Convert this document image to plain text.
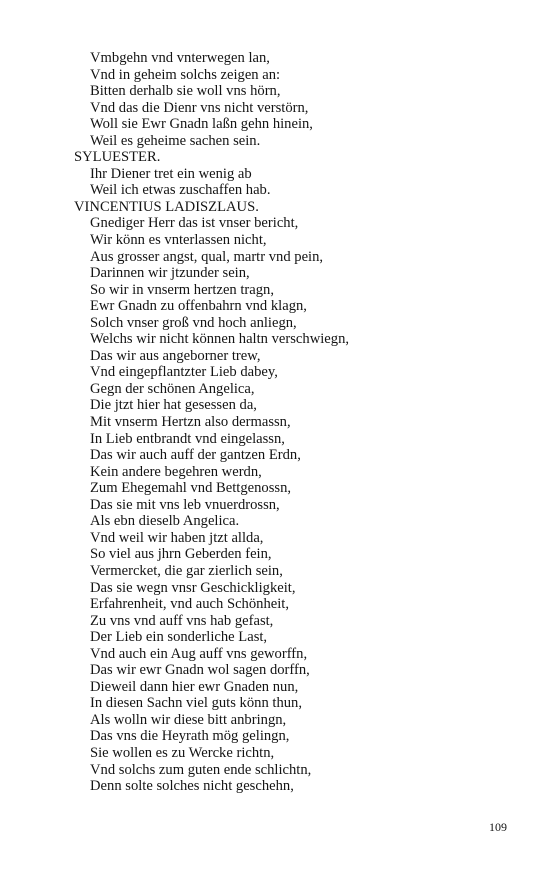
Vmbgehn vnd vnterwegen lan,
Vnd in geheim solchs zeigen an:
Bitten derhalb sie woll vns hörn,
Vnd das die Dienr vns nicht verstörn,
Woll sie Ewr Gnadn laßn gehn hinein,
Weil es geheime sachen sein.
SYLUESTER.
Ihr Diener tret ein wenig ab
Weil ich etwas zuschaffen hab.
VINCENTIUS LADISZLAUS.
Gnediger Herr das ist vnser bericht,
Wir könn es vnterlassen nicht,
Aus grosser angst, qual, martr vnd pein,
Darinnen wir jtzunder sein,
So wir in vnserm hertzen tragn,
Ewr Gnadn zu offenbahrn vnd klagn,
Solch vnser groß vnd hoch anliegn,
Welchs wir nicht können haltn verschwiegn,
Das wir aus angeborner trew,
Vnd eingepflantzter Lieb dabey,
Gegn der schönen Angelica,
Die jtzt hier hat gesessen da,
Mit vnserm Hertzn also dermassn,
In Lieb entbrandt vnd eingelassn,
Das wir auch auff der gantzen Erdn,
Kein andere begehren werdn,
Zum Ehegemahl vnd Bettgenossn,
Das sie mit vns leb vnuerdrossn,
Als ebn dieselb Angelica.
Vnd weil wir haben jtzt allda,
So viel aus jhrn Geberden fein,
Vermercket, die gar zierlich sein,
Das sie wegn vnsr Geschickligkeit,
Erfahrenheit, vnd auch Schönheit,
Zu vns vnd auff vns hab gefast,
Der Lieb ein sonderliche Last,
Vnd auch ein Aug auff vns geworffn,
Das wir ewr Gnadn wol sagen dorffn,
Dieweil dann hier ewr Gnaden nun,
In diesen Sachn viel guts könn thun,
Als wolln wir diese bitt anbringn,
Das vns die Heyrath mög gelingn,
Sie wollen es zu Wercke richtn,
Vnd solchs zum guten ende schlichtn,
Denn solte solches nicht geschehn,
109
